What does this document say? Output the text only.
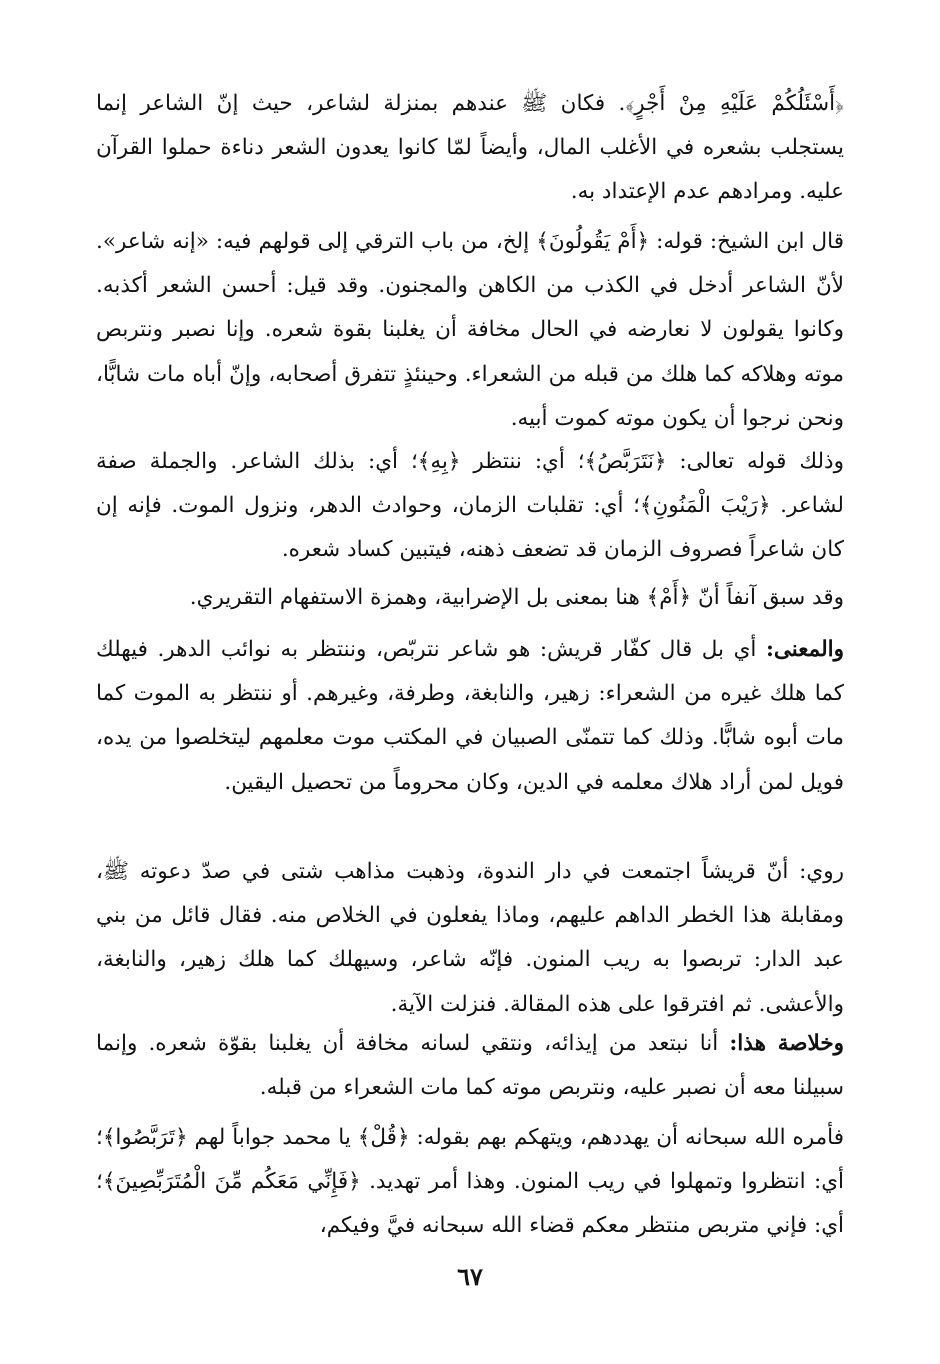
﴿أَسْئَلُكُمْ عَلَيْهِ مِنْ أَجْرٍ﴾. فكان ﷺ عندهم بمنزلة لشاعر، حيث إنّ الشاعر إنما يستجلب بشعره في الأغلب المال، وأيضاً لمّا كانوا يعدون الشعر دناءة حملوا القرآن عليه. ومرادهم عدم الإعتداد به.

قال ابن الشيخ: قوله: ﴿أَمْ يَقُولُونَ﴾ إلخ، من باب الترقي إلى قولهم فيه: «إنه شاعر». لأنّ الشاعر أدخل في الكذب من الكاهن والمجنون. وقد قيل: أحسن الشعر أكذبه. وكانوا يقولون لا نعارضه في الحال مخافة أن يغلبنا بقوة شعره. وإنا نصبر ونتربص موته وهلاكه كما هلك من قبله من الشعراء. وحينئذٍ تتفرق أصحابه، وإنّ أباه مات شابًّا، ونحن نرجوا أن يكون موته كموت أبيه.

وذلك قوله تعالى: ﴿نَتَرَبَّصُ﴾؛ أي: ننتظر ﴿بِهِ﴾؛ أي: بذلك الشاعر. والجملة صفة لشاعر. ﴿رَيْبَ الْمَنُونِ﴾؛ أي: تقلبات الزمان، وحوادث الدهر، ونزول الموت. فإنه إن كان شاعراً فصروف الزمان قد تضعف ذهنه، فيتبين كساد شعره.

وقد سبق آنفاً أنّ ﴿أَمْ﴾ هنا بمعنى بل الإضرابية، وهمزة الاستفهام التقريري.

والمعنى: أي بل قال كفّار قريش: هو شاعر نتربّص، وننتظر به نوائب الدهر. فيهلك كما هلك غيره من الشعراء: زهير، والنابغة، وطرفة، وغيرهم. أو ننتظر به الموت كما مات أبوه شابًّا. وذلك كما تتمنّى الصبيان في المكتب موت معلمهم ليتخلصوا من يده، فويل لمن أراد هلاك معلمه في الدين، وكان محروماً من تحصيل اليقين.

روي: أنّ قريشاً اجتمعت في دار الندوة، وذهبت مذاهب شتى في صدّ دعوته ﷺ، ومقابلة هذا الخطر الداهم عليهم، وماذا يفعلون في الخلاص منه. فقال قائل من بني عبد الدار: تربصوا به ريب المنون. فإنّه شاعر، وسيهلك كما هلك زهير، والنابغة، والأعشى. ثم افترقوا على هذه المقالة. فنزلت الآية.

وخلاصة هذا: أنا نبتعد من إيذائه، ونتقي لسانه مخافة أن يغلبنا بقوّة شعره. وإنما سبيلنا معه أن نصبر عليه، ونتربص موته كما مات الشعراء من قبله.

فأمره الله سبحانه أن يهددهم، ويتهكم بهم بقوله: ﴿قُلْ﴾ يا محمد جواباً لهم ﴿تَرَبَّصُوا﴾؛ أي: انتظروا وتمهلوا في ريب المنون. وهذا أمر تهديد. ﴿فَإِنِّي مَعَكُم مِّنَ الْمُتَرَبِّصِينَ﴾؛ أي: فإني متربص منتظر معكم قضاء الله سبحانه فيَّ وفيكم،

٦٧
